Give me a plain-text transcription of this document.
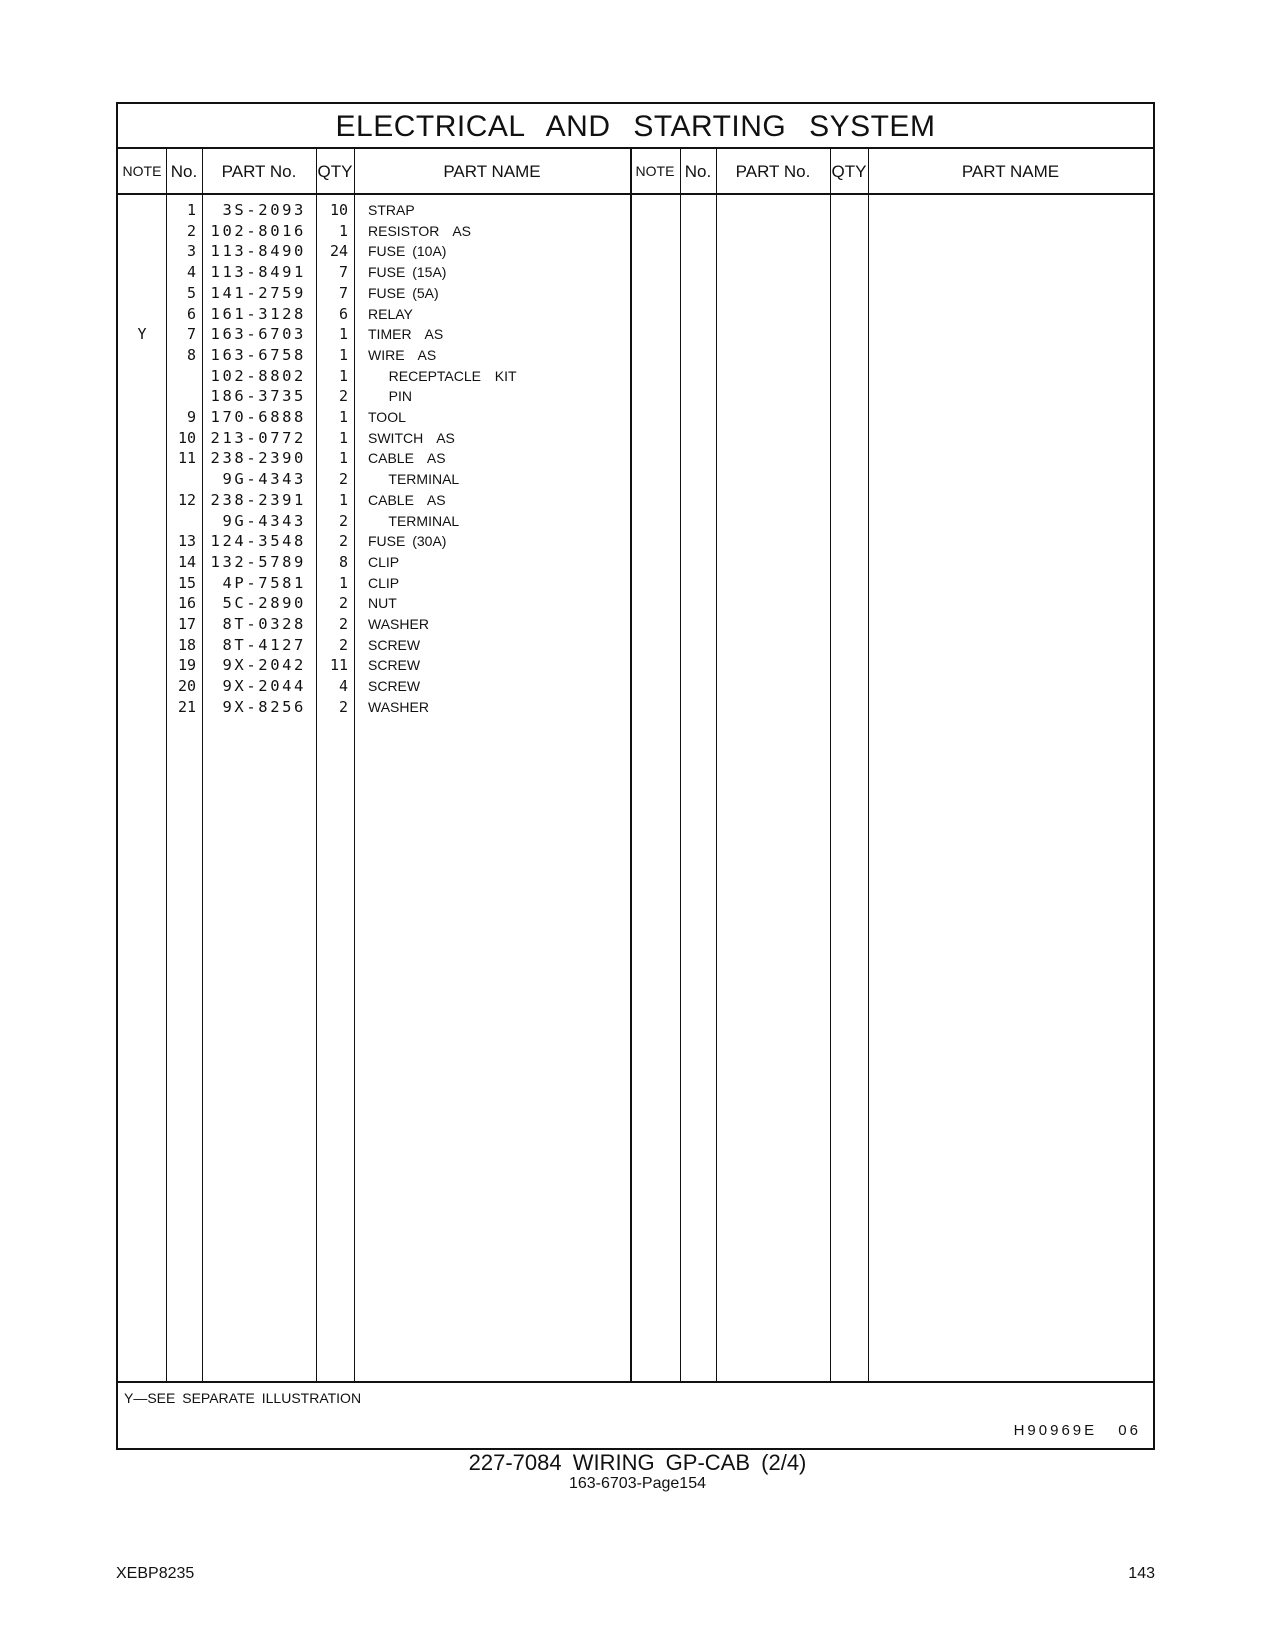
ELECTRICAL AND STARTING SYSTEM
NOTE No.	PART No.	QTY	PART NAME	NOTE No.	PART No.	QTY	PART NAME
1	3S-2093	10 STRAP
2 102-8016	1 RESISTOR  AS
3 113-8490	24 FUSE (10A)
4 113-8491	7 FUSE (15A)
5 141-2759	7 FUSE (5A)
6 161-3128	6 RELAY
Y	7 163-6703	1 TIMER  AS
8 163-6758	1 WIRE  AS
102-8802	1 RECEPTACLE  KIT
186-3735	2 PIN
9 170-6888	1 TOOL
10 213-0772	1 SWITCH  AS
11 238-2390	1 CABLE  AS
9G-4343	2 TERMINAL
12 238-2391	1 CABLE  AS
9G-4343	2 TERMINAL
13 124-3548	2 FUSE (30A)
14 132-5789	8 CLIP
15	4P-7581	1 CLIP
16	5C-2890	2 NUT
17	8T-0328	2 WASHER
18	8T-4127	2 SCREW
19	9X-2042	11 SCREW
20	9X-2044	4 SCREW
21	9X-8256	2 WASHER
Y—SEE SEPARATE ILLUSTRATION
H90969E 06
227-7084 WIRING GP-CAB (2/4)
163-6703-Page154
XEBP8235	143
